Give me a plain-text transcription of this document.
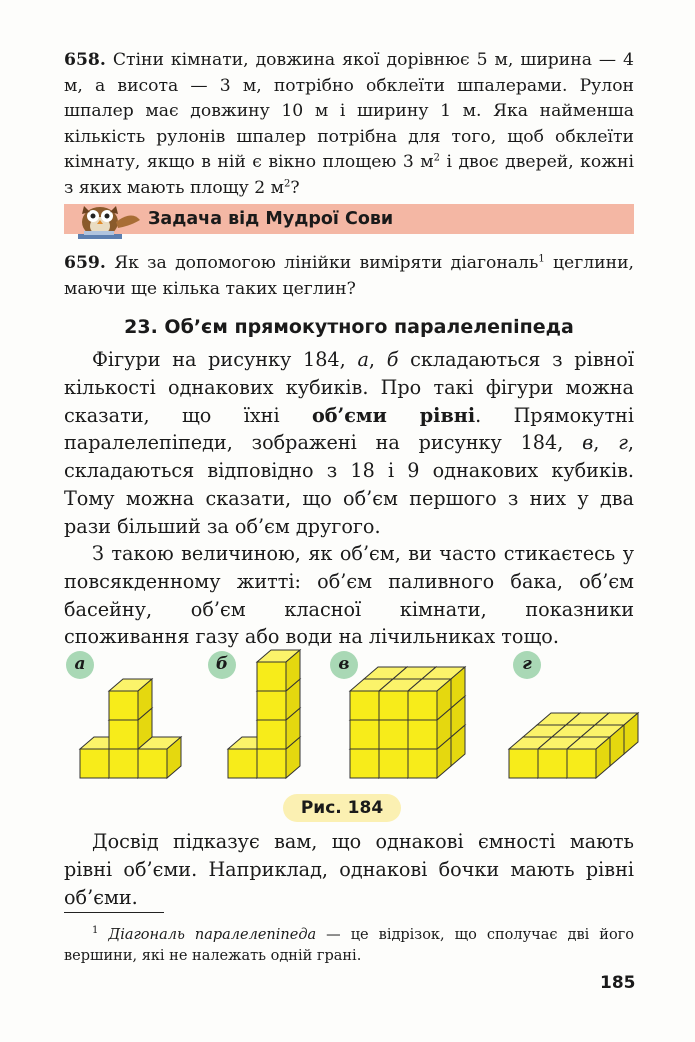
658. Стіни кімнати, довжина якої дорівнює 5 м, ширина — 4 м, а висота — 3 м, потрібно обклеїти шпалерами. Рулон шпалер має довжину 10 м і ширину 1 м. Яка найменша кількість рулонів шпалер потрібна для того, щоб обклеїти кімнату, якщо в ній є вікно площею 3 $м^2$ і двоє дверей, кожні з яких мають площу 2 $м^2$?
Задача від Мудрої Сови
659. Як за допомогою лінійки виміряти діагональ$^1$ цеглини, маючи ще кілька таких цеглин?
23. Об’єм прямокутного паралелепіпеда

Фігури на рисунку 184, а, б складаються з рівної кількості однакових кубиків. Про такі фігури можна сказати, що їхні об’єми рівні. Прямокутні паралелепіпеди, зображені на рисунку 184, в, г, складаються відповідно з 18 і 9 однакових кубиків. Тому можна сказати, що об’єм першого з них у два рази більший за об’єм другого.

З такою величиною, як об’єм, ви часто стикаєтесь у повсякденному житті: об’єм паливного бака, об’єм басейну, об’єм класної кімнати, показники споживання газу або води на лічильниках тощо.

а	б	в	г
Рис. 184

Досвід підказує вам, що однакові ємності мають рівні об’єми. Наприклад, однакові бочки мають рівні об’єми.

$^1$ Діагональ паралелепіпеда — це відрізок, що сполучає дві його вершини, які не належать одній грані.
185
